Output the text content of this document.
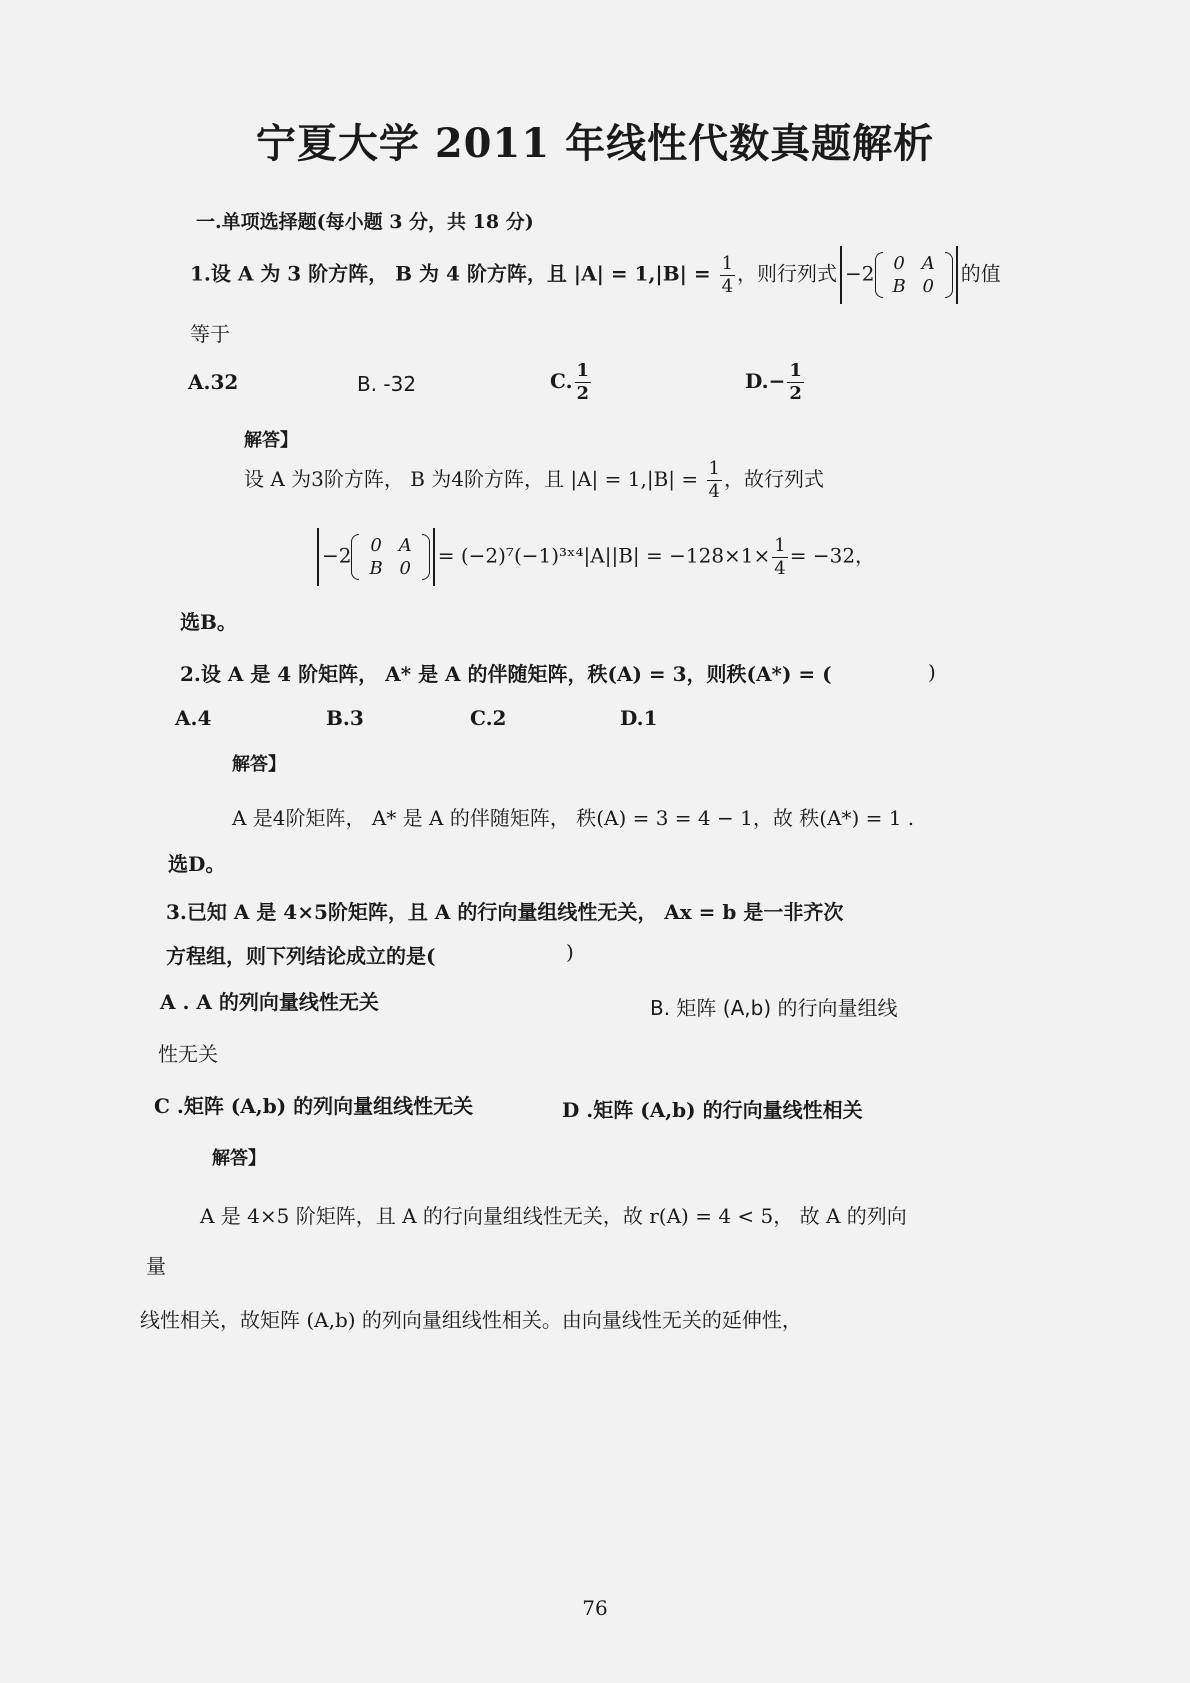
宁夏大学 2011 年线性代数真题解析
一.单项选择题(每小题 3 分，共 18 分)
1.设 A 为 3 阶方阵， B 为 4 阶方阵，且 $|A| = 1,|B| = \frac{1}{4}$ ，则行列式 −2 0	A
B	0
的值
等于
A.32	B. -32	C. $\frac{1}{2}$	$D.- \frac{1}{2}$
解答】
设 A 为3阶方阵， B 为4阶方阵，且 $|A| = 1,|B| = \frac{1}{4}$ ，故行列式
−2 0	A
B	0
= (−2)⁷(−1)³ˣ⁴|A||B| = $-128\times 1\times \frac{1}{4} = -32$，
选B。
2.设 A 是 4 阶矩阵， A* 是 A 的伴随矩阵，秩(A) = 3，则秩(A*) = (	)
A.4	B.3	C.2	D.1
解答】
A 是4阶矩阵， A* 是 A 的伴随矩阵， 秩(A) = 3 = 4 − 1，故 秩(A*) = 1 .
选D。
3.已知 A 是 4×5阶矩阵，且 A 的行向量组线性无关， Ax = b 是一非齐次
方程组，则下列结论成立的是(	)
A . A 的列向量线性无关	B. 矩阵 (A,b) 的行向量组线
性无关
C .矩阵 (A,b) 的列向量组线性无关	D .矩阵 (A,b) 的行向量线性相关
解答】
A 是 4×5 阶矩阵，且 A 的行向量组线性无关，故 r(A) = 4 < 5， 故 A 的列向
量
线性相关，故矩阵 (A,b) 的列向量组线性相关。由向量线性无关的延伸性，
76
